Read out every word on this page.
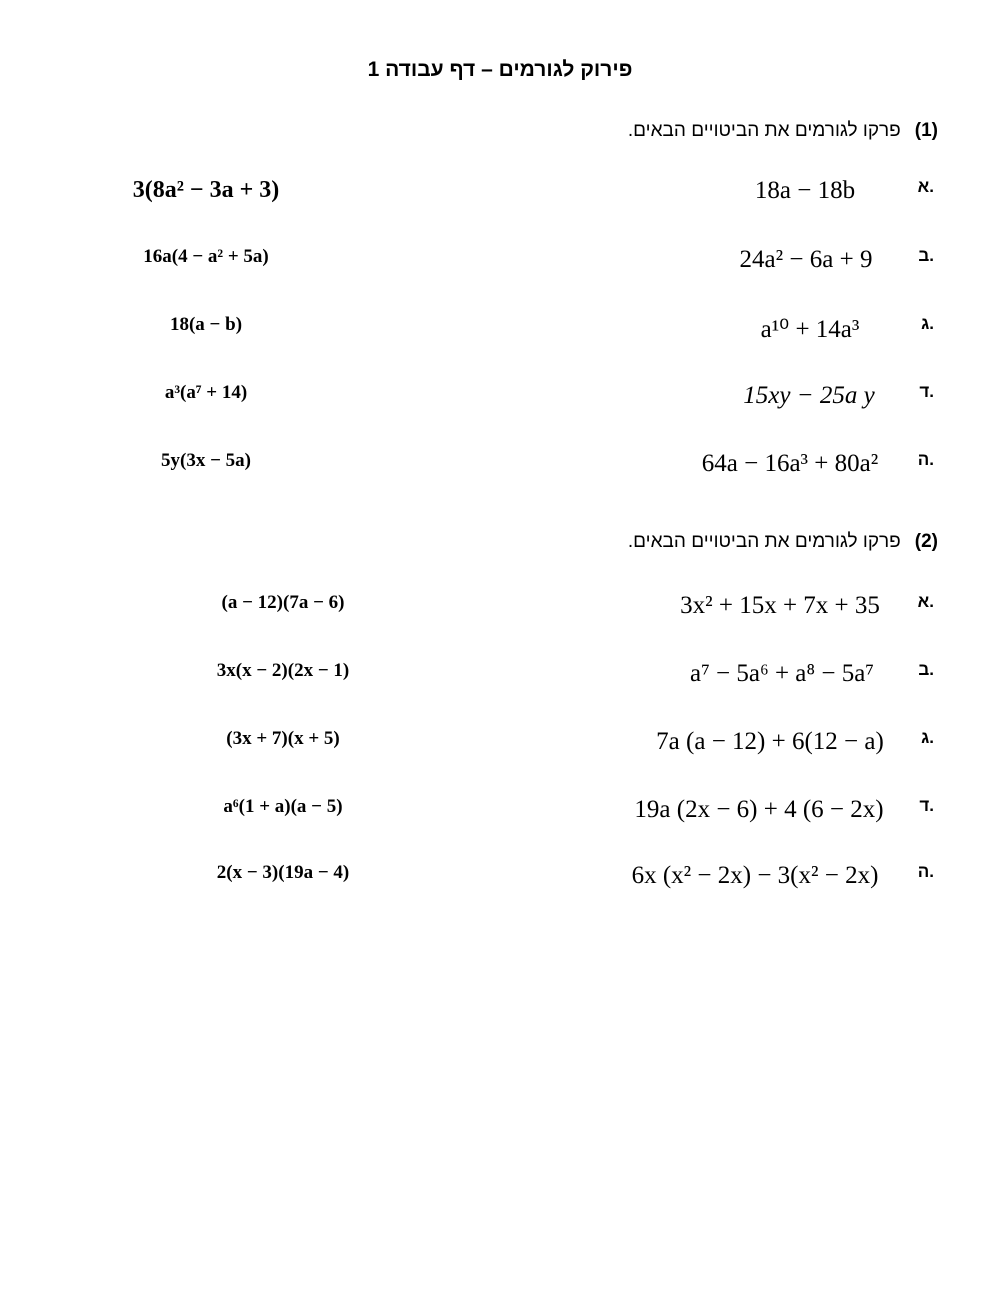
פירוק לגורמים – דף עבודה 1
(1)פרקו לגורמים את הביטויים הבאים.
א.
18a − 18b
3(8a² − 3a + 3)
ב.
24a² − 6a + 9
16a(4 − a² + 5a)
ג.
a¹⁰ + 14a³
18(a − b)
ד.
15xy − 25a y
a³(a⁷ + 14)
ה.
64a − 16a³ + 80a²
5y(3x − 5a)
(2)פרקו לגורמים את הביטויים הבאים.
א.
3x² + 15x + 7x + 35
(a − 12)(7a − 6)
ב.
a⁷ − 5a⁶ + a⁸ − 5a⁷
3x(x − 2)(2x − 1)
ג.
7a (a − 12) + 6(12 − a)
(3x + 7)(x + 5)
ד.
19a (2x − 6) + 4 (6 − 2x)
a⁶(1 + a)(a − 5)
ה.
6x (x² − 2x) − 3(x² − 2x)
2(x − 3)(19a − 4)
